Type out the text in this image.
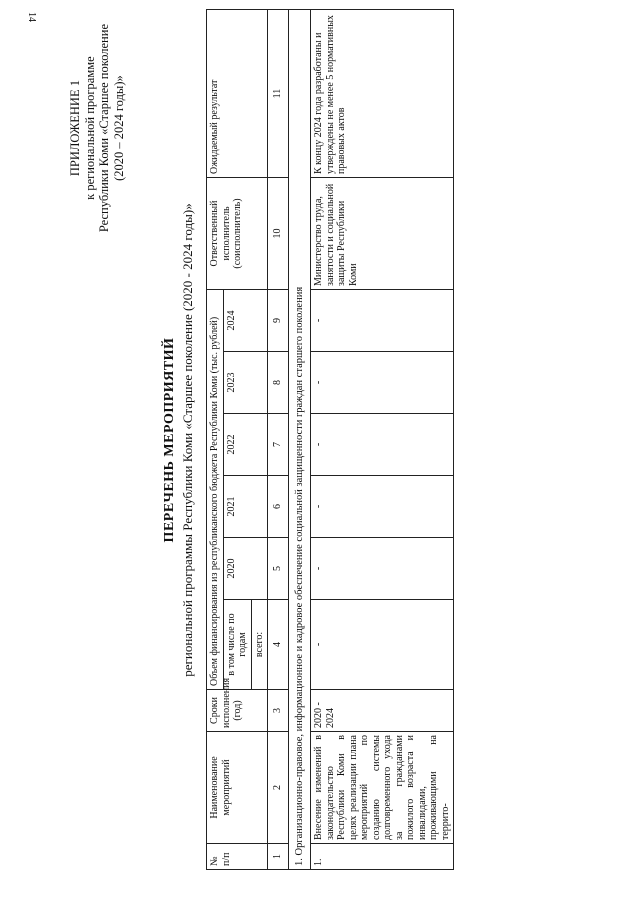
14
ПРИЛОЖЕНИЕ 1 к региональной программе Республики Коми «Старшее поколение (2020 – 2024 годы)»
ПЕРЕЧЕНЬ МЕРОПРИЯТИЙ региональной программы Республики Коми «Старшее поколение (2020 - 2024 годы)»
№ п/п	Наименование мероприятий	Сроки исполнения (год)	Объем финансирования из республиканского бюджета Республики Коми (тыс. рублей)						Ответственный исполнитель (соисполнитель)	Ожидаемый результат
			в том числе по годам	2020	2021	2022	2023	2024		
			всего:							
1	2	3	4	5	6	7	8	9	10	11
1. Организационно-правовое, информационное и кадровое обеспечение социальной защищенности граждан старшего поколения										
1.	Внесение изменений в законодательство Республики Коми в целях реализации плана мероприятий по созданию системы долговременного ухода за гражданами пожилого возраста и инвалидами, проживающими на террито-	2020 - 2024	-	-	-	-	-	-	Министерство труда, занятости и социальной защиты Республики Коми	К концу 2024 года разработаны и утверждены не менее 5 нормативных правовых актов
